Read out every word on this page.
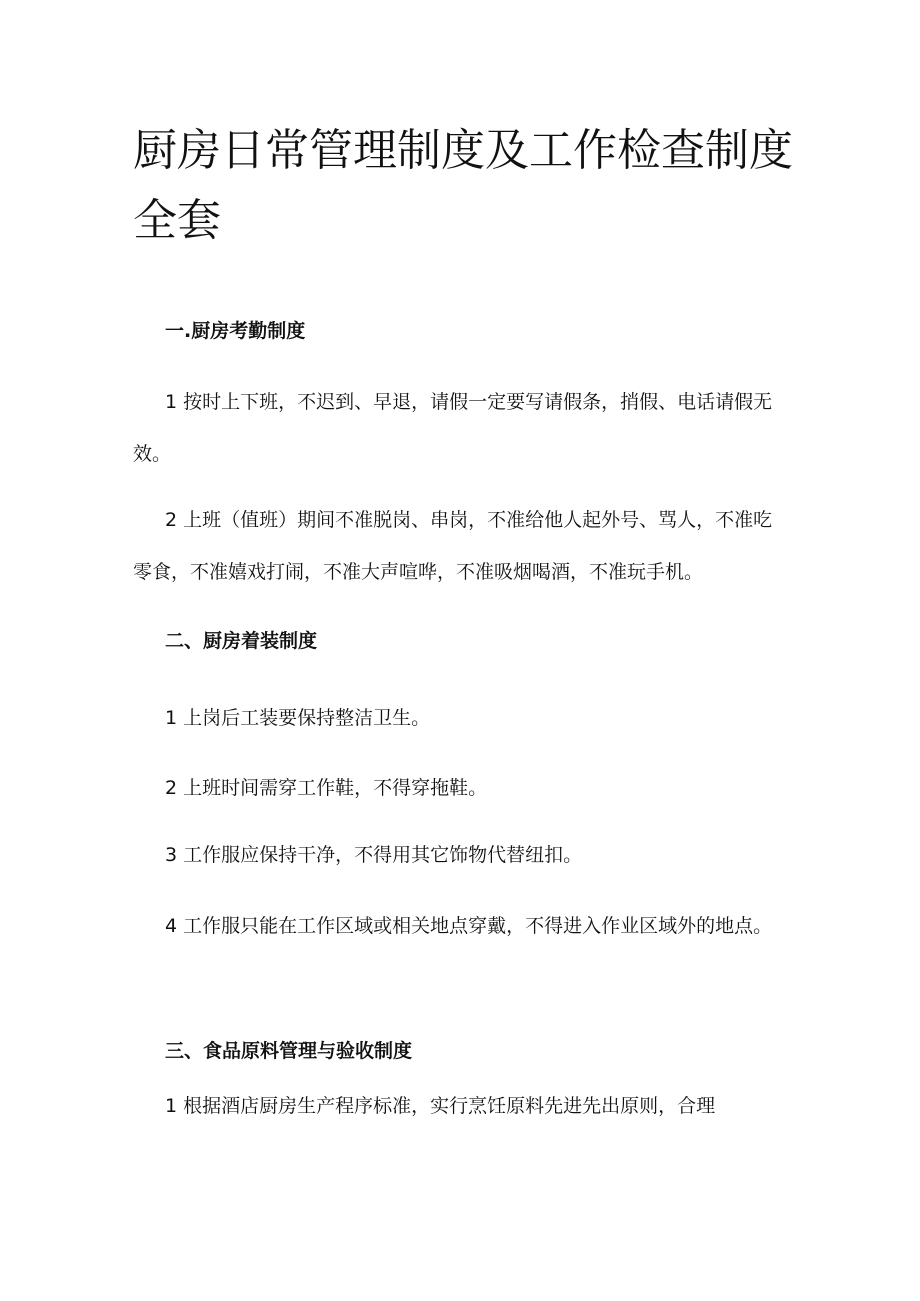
厨房日常管理制度及工作检查制度全套
一.厨房考勤制度

1 按时上下班，不迟到、早退，请假一定要写请假条，捎假、电话请假无效。

2 上班（值班）期间不准脱岗、串岗，不准给他人起外号、骂人，不准吃零食，不准嬉戏打闹，不准大声喧哗，不准吸烟喝酒，不准玩手机。

二、厨房着装制度

1 上岗后工装要保持整洁卫生。

2 上班时间需穿工作鞋，不得穿拖鞋。

3 工作服应保持干净，不得用其它饰物代替纽扣。

4 工作服只能在工作区域或相关地点穿戴，不得进入作业区域外的地点。

三、食品原料管理与验收制度

1 根据酒店厨房生产程序标准，实行烹饪原料先进先出原则，合理
